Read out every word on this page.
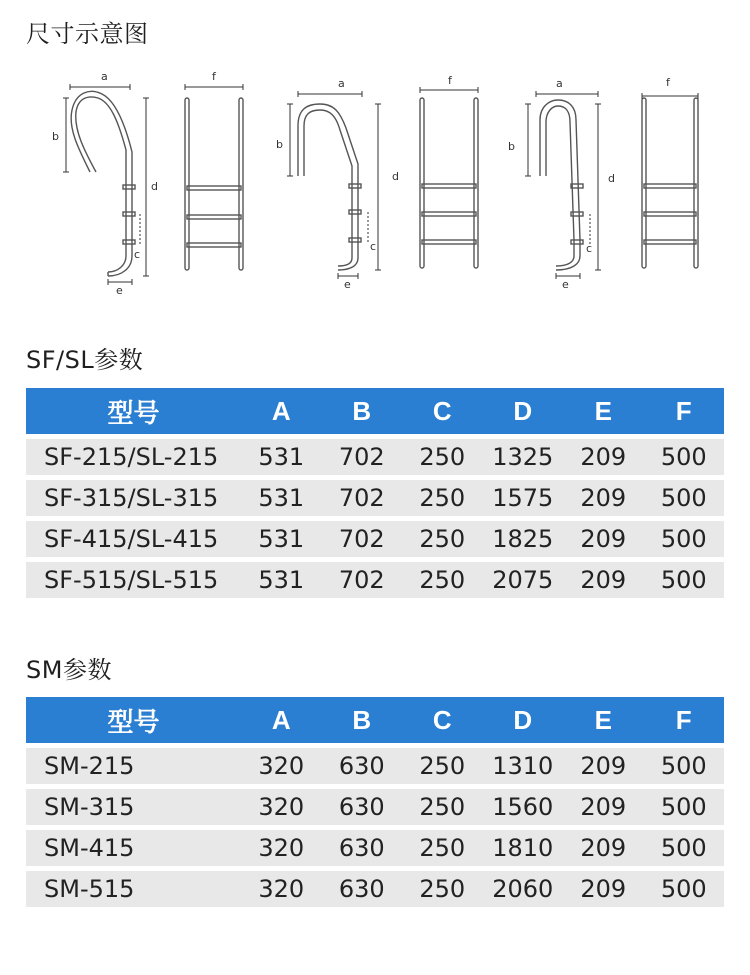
尺寸示意图
a
b
c
d
e
f
a
b
c
d
e
f	a
b
c
d
e
f
SF/SL参数
型号	A	B	C	D	E	F
SF-215/SL-215	531	702	250	1325	209	500
SF-315/SL-315	531	702	250	1575	209	500
SF-415/SL-415	531	702	250	1825	209	500
SF-515/SL-515	531	702	250	2075	209	500
SM参数
型号	A	B	C	D	E	F
SM-215	320	630	250	1310	209	500
SM-315	320	630	250	1560	209	500
SM-415	320	630	250	1810	209	500
SM-515	320	630	250	2060	209	500
